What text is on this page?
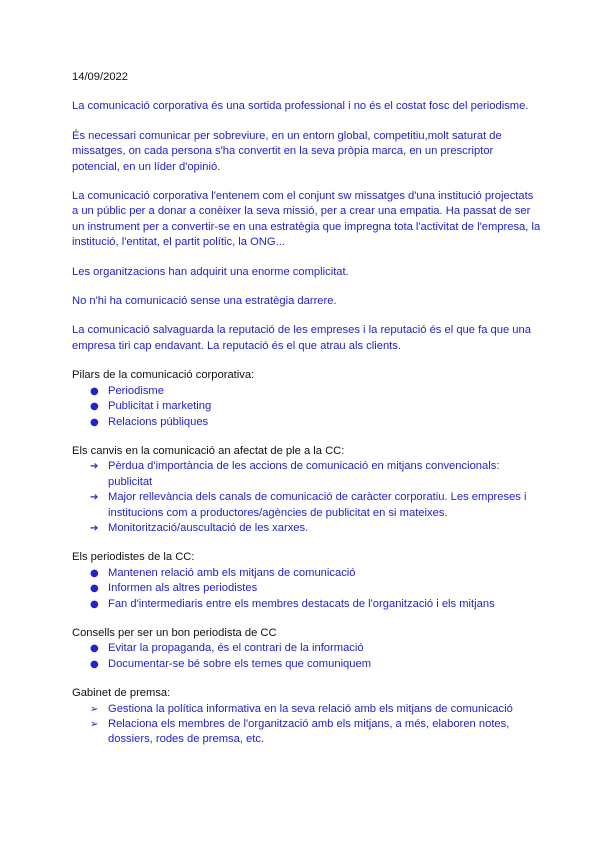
14/09/2022

La comunicació corporativa és una sortida professional i no és el costat fosc del periodisme.

És necessari comunicar per sobreviure, en un entorn global, competitiu,molt saturat de missatges, on cada persona s'ha convertit en la seva pròpia marca, en un prescriptor potencial, en un líder d'opinió.

La comunicació corporativa l'entenem com el conjunt sw missatges d'una institució projectats a un públic per a donar a conèixer la seva missió, per a crear una empatia. Ha passat de ser un instrument per a convertir-se en una estratègia que impregna tota l'activitat de l'empresa, la institució, l'entitat, el partit polític, la ONG...

Les organitzacions han adquirit una enorme complicitat.

No n'hi ha comunicació sense una estratègia darrere.

La comunicació salvaguarda la reputació de les empreses i la reputació és el que fa que una empresa tiri cap endavant. La reputació és el que atrau als clients.

Pilars de la comunicació corporativa:

● Periodisme
● Publicitat i marketing
● Relacions públiques

Els canvis en la comunicació an afectat de ple a la CC:

➔ Pèrdua d'importància de les accions de comunicació en mitjans convencionals: publicitat
➔ Major rellevància dels canals de comunicació de caràcter corporatiu. Les empreses i institucions com a productores/agències de publicitat en si mateixes.
➔ Monitorització/auscultació de les xarxes.

Els periodistes de la CC:

● Mantenen relació amb els mitjans de comunicació
● Informen als altres periodistes
● Fan d'intermediaris entre els membres destacats de l'organització i els mitjans

Consells per ser un bon periodista de CC

● Evitar la propaganda, és el contrari de la informació
● Documentar-se bé sobre els temes que comuniquem

Gabinet de premsa:

➢ Gestiona la política informativa en la seva relació amb els mitjans de comunicació
➢ Relaciona els membres de l'organització amb els mitjans, a més, elaboren notes, dossiers, rodes de premsa, etc.
